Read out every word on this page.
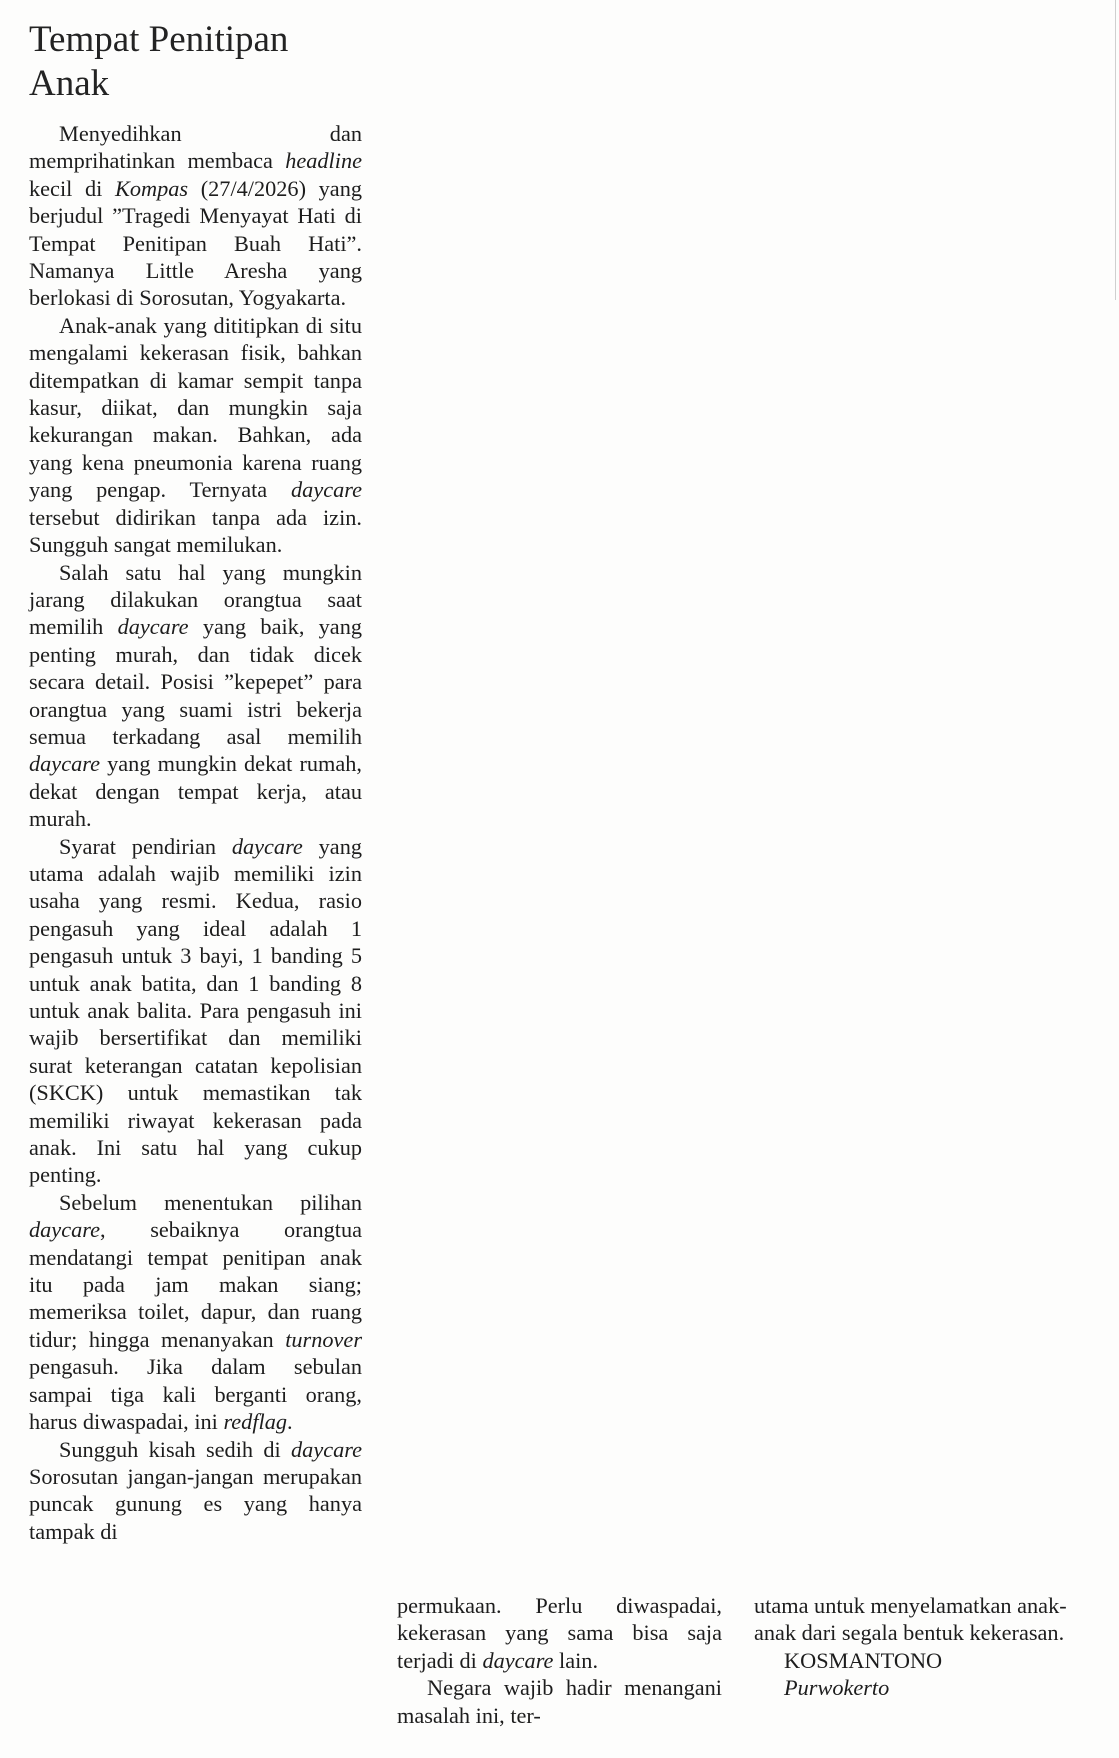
Tempat Penitipan Anak

Menyedihkan dan memprihatinkan membaca headline kecil di Kompas (27/4/2026) yang berjudul ”Tragedi Menyayat Hati di Tempat Penitipan Buah Hati”. Namanya Little Aresha yang berlokasi di Sorosutan, Yogyakarta.

Anak-anak yang dititipkan di situ mengalami kekerasan fisik, bahkan ditempatkan di kamar sempit tanpa kasur, diikat, dan mungkin saja kekurangan makan. Bahkan, ada yang kena pneumonia karena ruang yang pengap. Ternyata daycare tersebut didirikan tanpa ada izin. Sungguh sangat memilukan.

Salah satu hal yang mungkin jarang dilakukan orangtua saat memilih daycare yang baik, yang penting murah, dan tidak dicek secara detail. Posisi ”kepepet” para orangtua yang suami istri bekerja semua terkadang asal memilih daycare yang mungkin dekat rumah, dekat dengan tempat kerja, atau murah.

Syarat pendirian daycare yang utama adalah wajib memiliki izin usaha yang resmi. Kedua, rasio pengasuh yang ideal adalah 1 pengasuh untuk 3 bayi, 1 banding 5 untuk anak batita, dan 1 banding 8 untuk anak balita. Para pengasuh ini wajib bersertifikat dan memiliki surat keterangan catatan kepolisian (SKCK) untuk memastikan tak memiliki riwayat kekerasan pada anak. Ini satu hal yang cukup penting.

Sebelum menentukan pilihan daycare, sebaiknya orangtua mendatangi tempat penitipan anak itu pada jam makan siang; memeriksa toilet, dapur, dan ruang tidur; hingga menanyakan turnover pengasuh. Jika dalam sebulan sampai tiga kali berganti orang, harus diwaspadai, ini redflag.

Sungguh kisah sedih di daycare Sorosutan jangan-jangan merupakan puncak gunung es yang hanya tampak di

permukaan. Perlu diwaspadai, kekerasan yang sama bisa saja terjadi di daycare lain.

Negara wajib hadir menangani masalah ini, ter-

utama untuk menyelamatkan anak-anak dari segala bentuk kekerasan.

KOSMANTONO

Purwokerto
